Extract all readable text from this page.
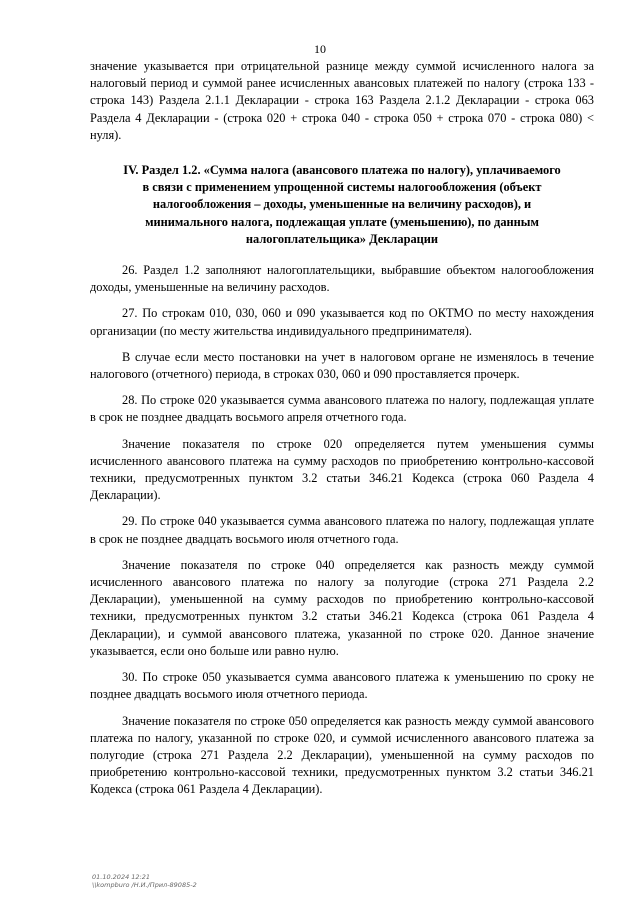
10

значение указывается при отрицательной разнице между суммой исчисленного налога за налоговый период и суммой ранее исчисленных авансовых платежей по налогу (строка 133 - строка 143) Раздела 2.1.1 Декларации - строка 163 Раздела 2.1.2 Декларации - строка 063 Раздела 4 Декларации - (строка 020 + строка 040 - строка 050 + строка 070 - строка 080) < нуля).

IV. Раздел 1.2. «Сумма налога (авансового платежа по налогу), уплачиваемого в связи с применением упрощенной системы налогообложения (объект налогообложения – доходы, уменьшенные на величину расходов), и минимального налога, подлежащая уплате (уменьшению), по данным налогоплательщика» Декларации

26. Раздел 1.2 заполняют налогоплательщики, выбравшие объектом налогообложения доходы, уменьшенные на величину расходов.

27. По строкам 010, 030, 060 и 090 указывается код по ОКТМО по месту нахождения организации (по месту жительства индивидуального предпринимателя).

В случае если место постановки на учет в налоговом органе не изменялось в течение налогового (отчетного) периода, в строках 030, 060 и 090 проставляется прочерк.

28. По строке 020 указывается сумма авансового платежа по налогу, подлежащая уплате в срок не позднее двадцать восьмого апреля отчетного года.

Значение показателя по строке 020 определяется путем уменьшения суммы исчисленного авансового платежа на сумму расходов по приобретению контрольно-кассовой техники, предусмотренных пунктом 3.2 статьи 346.21 Кодекса (строка 060 Раздела 4 Декларации).

29. По строке 040 указывается сумма авансового платежа по налогу, подлежащая уплате в срок не позднее двадцать восьмого июля отчетного года.

Значение показателя по строке 040 определяется как разность между суммой исчисленного авансового платежа по налогу за полугодие (строка 271 Раздела 2.2 Декларации), уменьшенной на сумму расходов по приобретению контрольно-кассовой техники, предусмотренных пунктом 3.2 статьи 346.21 Кодекса (строка 061 Раздела 4 Декларации), и суммой авансового платежа, указанной по строке 020. Данное значение указывается, если оно больше или равно нулю.

30. По строке 050 указывается сумма авансового платежа к уменьшению по сроку не позднее двадцать восьмого июля отчетного периода.

Значение показателя по строке 050 определяется как разность между суммой авансового платежа по налогу, указанной по строке 020, и суммой исчисленного авансового платежа за полугодие (строка 271 Раздела 2.2 Декларации), уменьшенной на сумму расходов по приобретению контрольно-кассовой техники, предусмотренных пунктом 3.2 статьи 346.21 Кодекса (строка 061 Раздела 4 Декларации).

01.10.2024 12:21
\\kompburo /Н.И./Прил-89085-2
